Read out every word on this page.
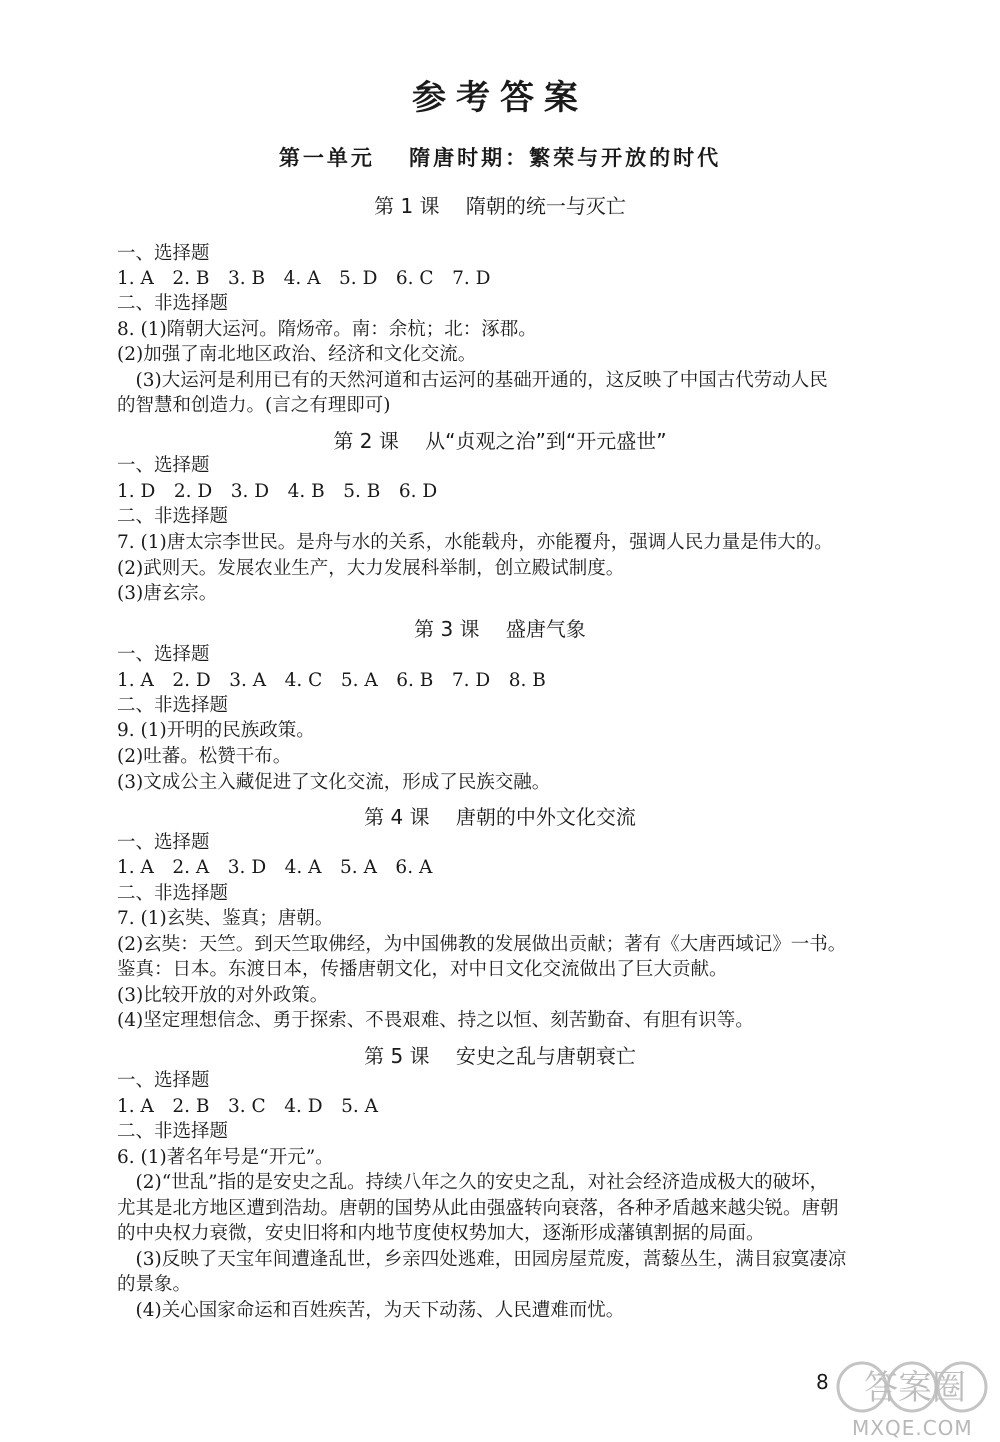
参考答案
第一单元　 隋唐时期：繁荣与开放的时代
第 1 课　 隋朝的统一与灭亡
一、选择题
1. A　2. B　3. B　4. A　5. D　6. C　7. D
二、非选择题
8. (1)隋朝大运河。隋炀帝。南：余杭；北：涿郡。
(2)加强了南北地区政治、经济和文化交流。
　(3)大运河是利用已有的天然河道和古运河的基础开通的，这反映了中国古代劳动人民
的智慧和创造力。(言之有理即可)
第 2 课　 从“贞观之治”到“开元盛世”
一、选择题
1. D　2. D　3. D　4. B　5. B　6. D
二、非选择题
7. (1)唐太宗李世民。是舟与水的关系，水能载舟，亦能覆舟，强调人民力量是伟大的。
(2)武则天。发展农业生产，大力发展科举制，创立殿试制度。
(3)唐玄宗。
第 3 课　 盛唐气象
一、选择题
1. A　2. D　3. A　4. C　5. A　6. B　7. D　8. B
二、非选择题
9. (1)开明的民族政策。
(2)吐蕃。松赞干布。
(3)文成公主入藏促进了文化交流，形成了民族交融。
第 4 课　 唐朝的中外文化交流
一、选择题
1. A　2. A　3. D　4. A　5. A　6. A
二、非选择题
7. (1)玄奘、鉴真；唐朝。
(2)玄奘：天竺。到天竺取佛经，为中国佛教的发展做出贡献；著有《大唐西域记》一书。
鉴真：日本。东渡日本，传播唐朝文化，对中日文化交流做出了巨大贡献。
(3)比较开放的对外政策。
(4)坚定理想信念、勇于探索、不畏艰难、持之以恒、刻苦勤奋、有胆有识等。
第 5 课　 安史之乱与唐朝衰亡
一、选择题
1. A　2. B　3. C　4. D　5. A
二、非选择题
6. (1)著名年号是“开元”。
　(2)“世乱”指的是安史之乱。持续八年之久的安史之乱，对社会经济造成极大的破坏，
尤其是北方地区遭到浩劫。唐朝的国势从此由强盛转向衰落，各种矛盾越来越尖锐。唐朝
的中央权力衰微，安史旧将和内地节度使权势加大，逐渐形成藩镇割据的局面。
　(3)反映了天宝年间遭逢乱世，乡亲四处逃难，田园房屋荒废，蒿藜丛生，满目寂寞凄凉
的景象。
　(4)关心国家命运和百姓疾苦，为天下动荡、人民遭难而忧。
8 答案圈
MXQE.COM
